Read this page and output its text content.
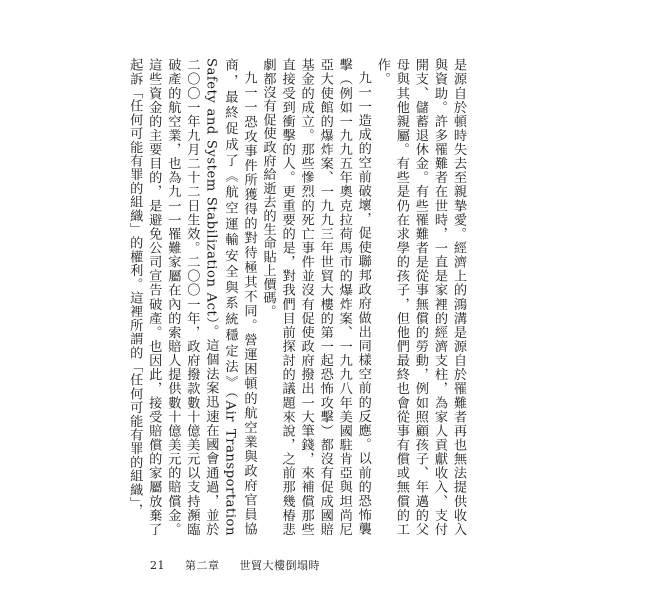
是源自於頓時失去至親摯愛。經濟上的鴻溝是源自於罹難者再也無法提供收入與資助。許多罹難者在世時，一直是家裡的經濟支柱，為家人貢獻收入、支付開支、儲蓄退休金。有些罹難者是從事無償的勞動，例如照顧孩子、年邁的父母與其他親屬。有些是仍在求學的孩子，但他們最終也會從事有償或無償的工作。

九一一造成的空前破壞，促使聯邦政府做出同樣空前的反應。以前的恐怖襲擊（例如一九九五年奧克拉荷馬市的爆炸案、一九九八年美國駐肯亞與坦尚尼亞大使館的爆炸案、一九九三年世貿大樓的第一起恐怖攻擊）都沒有促成國賠基金的成立。那些慘烈的死亡事件並沒有促使政府撥出一大筆錢，來補償那些直接受到衝擊的人。更重要的是，對我們目前探討的議題來說，之前那幾椿悲劇都沒有促使政府給逝去的生命貼上價碼。

九一一恐攻事件所獲得的對待極其不同。營運困頓的航空業與政府官員協商，最終促成了《航空運輸安全與系統穩定法》（Air Transportation Safety and System Stabilization Act）。這個法案迅速在國會通過，並於二〇〇一年九月二十二日生效。二〇〇一年，政府撥款數十億美元以支持瀕臨破產的航空業，也為九一一罹難家屬在內的索賠人提供數十億美元的賠償金。這些資金的主要目的，是避免公司宣告破產。也因此，接受賠償的家屬放棄了起訴「任何可能有罪的組織」的權利。這裡所謂的「任何可能有罪的組織」，

21 第二章 世貿大樓倒塌時
